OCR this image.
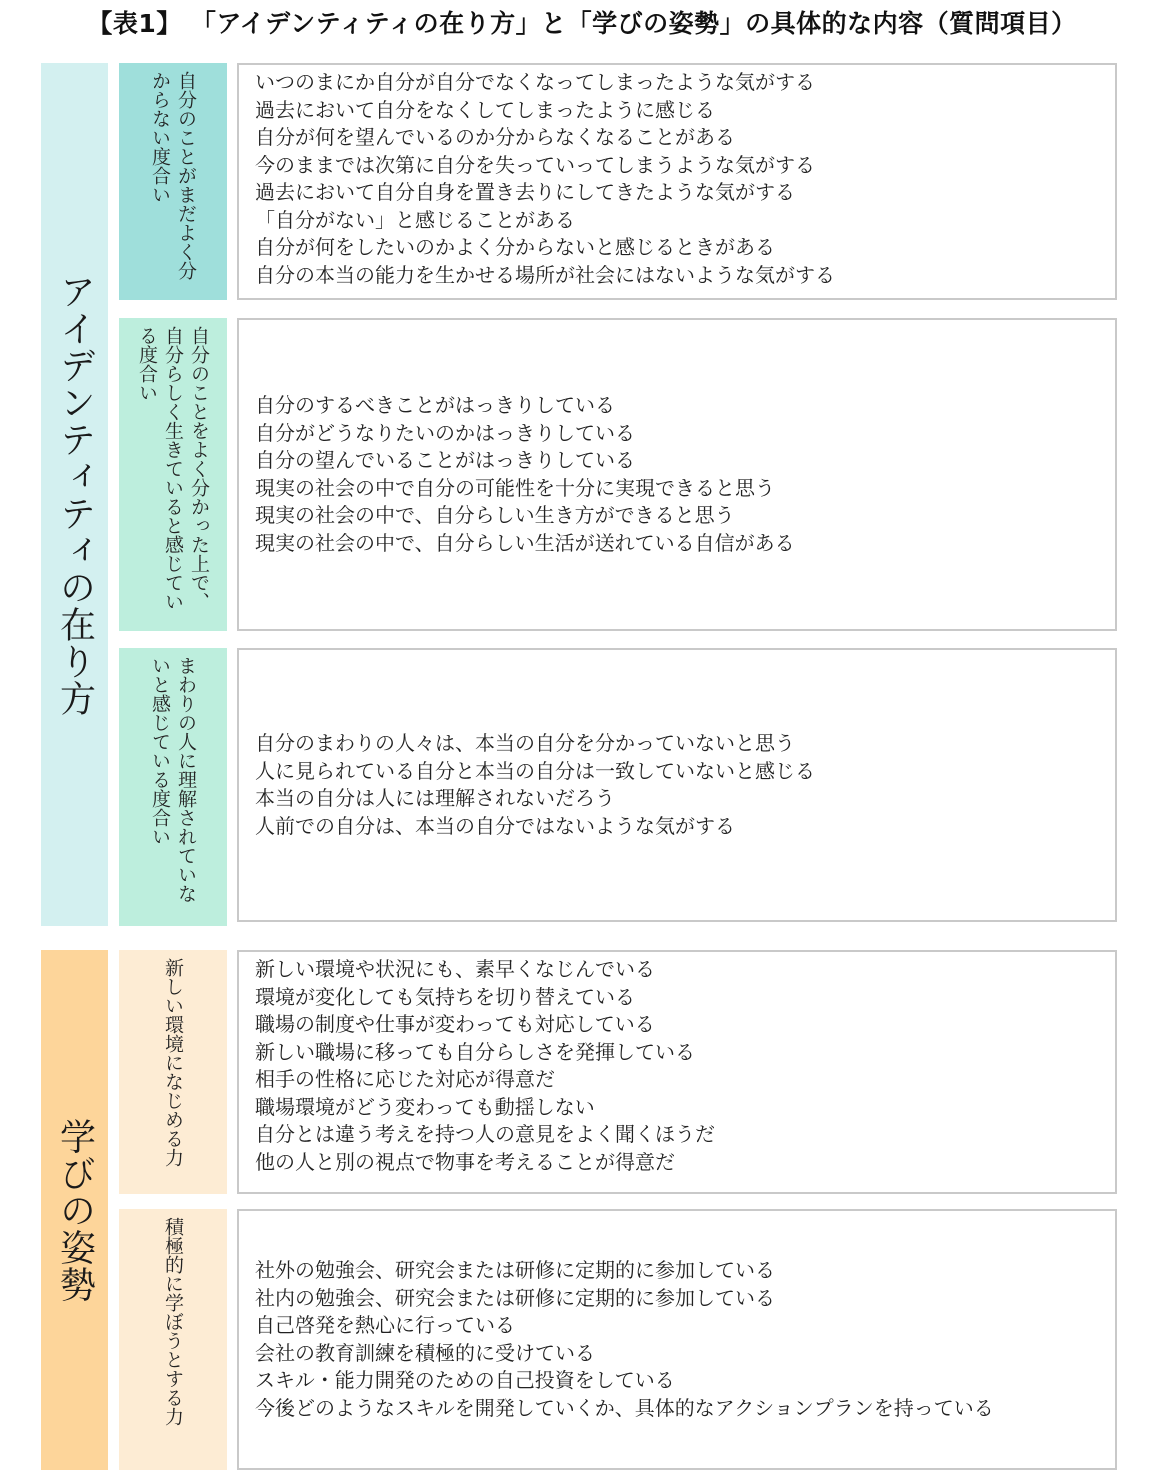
【表1】 「アイデンティティの在り方」と「学びの姿勢」の具体的な内容（質問項目）
アイデンティティの在り方
自分のことがまだよく分からない度合い	いつのまにか自分が自分でなくなってしまったような気がする
過去において自分をなくしてしまったように感じる
自分が何を望んでいるのか分からなくなることがある
今のままでは次第に自分を失っていってしまうような気がする
過去において自分自身を置き去りにしてきたような気がする
「自分がない」と感じることがある
自分が何をしたいのかよく分からないと感じるときがある
自分の本当の能力を生かせる場所が社会にはないような気がする
自分のことをよく分かった上で、自分らしく生きていると感じている度合い
自分のするべきことがはっきりしている
自分がどうなりたいのかはっきりしている
自分の望んでいることがはっきりしている
現実の社会の中で自分の可能性を十分に実現できると思う
現実の社会の中で、自分らしい生き方ができると思う
現実の社会の中で、自分らしい生活が送れている自信がある
まわりの人に理解されていないと感じている度合い	自分のまわりの人々は、本当の自分を分かっていないと思う
人に見られている自分と本当の自分は一致していないと感じる
本当の自分は人には理解されないだろう
人前での自分は、本当の自分ではないような気がする
学びの姿勢
新しい環境になじめる力	新しい環境や状況にも、素早くなじんでいる
環境が変化しても気持ちを切り替えている
職場の制度や仕事が変わっても対応している
新しい職場に移っても自分らしさを発揮している
相手の性格に応じた対応が得意だ
職場環境がどう変わっても動揺しない
自分とは違う考えを持つ人の意見をよく聞くほうだ
他の人と別の視点で物事を考えることが得意だ
積極的に学ぼうとする力	社外の勉強会、研究会または研修に定期的に参加している
社内の勉強会、研究会または研修に定期的に参加している
自己啓発を熱心に行っている
会社の教育訓練を積極的に受けている
スキル・能力開発のための自己投資をしている
今後どのようなスキルを開発していくか、具体的なアクションプランを持っている
